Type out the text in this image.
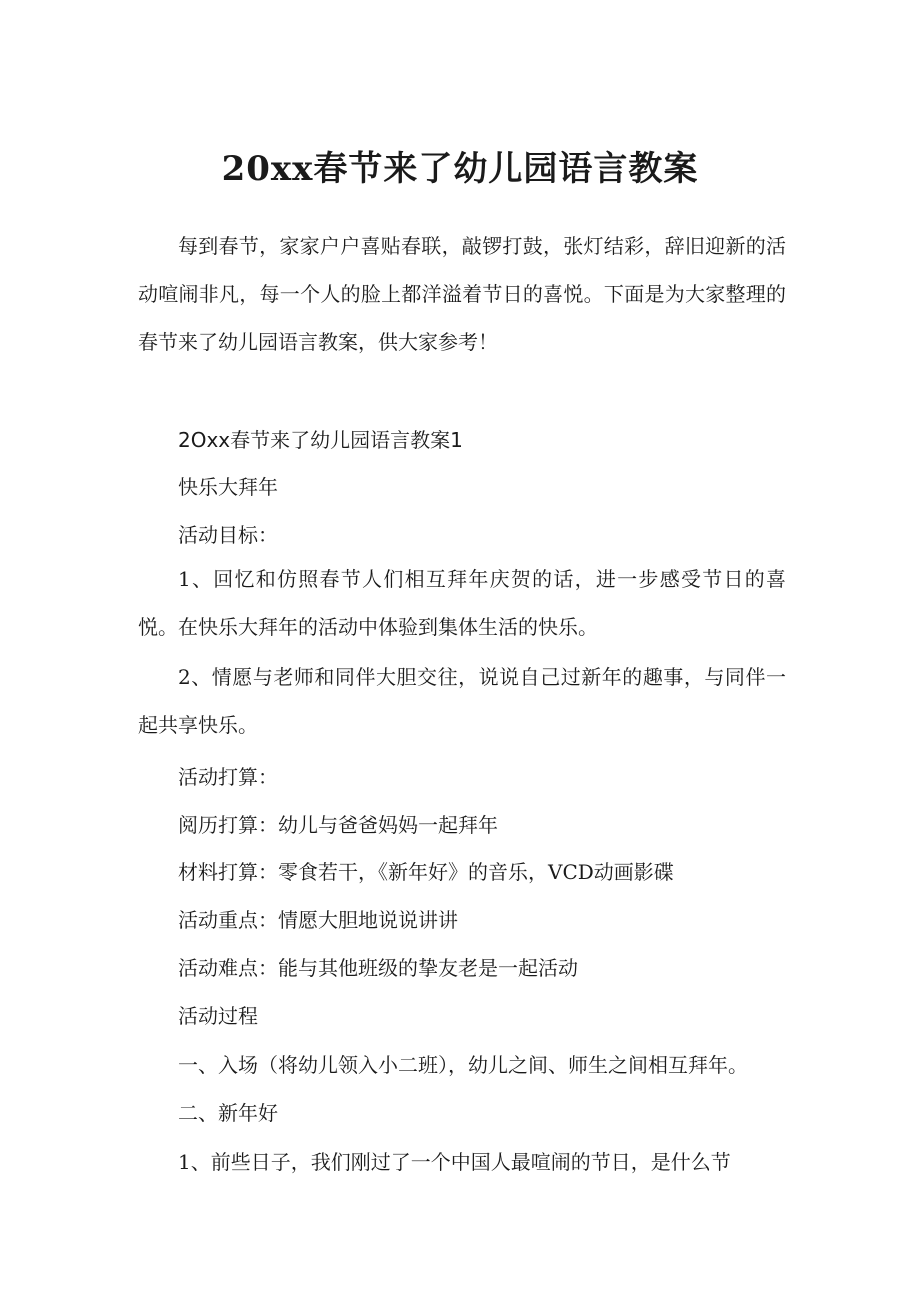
20xx春节来了幼儿园语言教案

每到春节，家家户户喜贴春联，敲锣打鼓，张灯结彩，辞旧迎新的活动喧闹非凡，每一个人的脸上都洋溢着节日的喜悦。下面是为大家整理的春节来了幼儿园语言教案，供大家参考！

2Oxx春节来了幼儿园语言教案1

快乐大拜年

活动目标：

1、回忆和仿照春节人们相互拜年庆贺的话，进一步感受节日的喜悦。在快乐大拜年的活动中体验到集体生活的快乐。

2、情愿与老师和同伴大胆交往，说说自己过新年的趣事，与同伴一起共享快乐。

活动打算：

阅历打算：幼儿与爸爸妈妈一起拜年

材料打算：零食若干，《新年好》的音乐，VCD动画影碟

活动重点：情愿大胆地说说讲讲

活动难点：能与其他班级的挚友老是一起活动

活动过程

一、入场（将幼儿领入小二班），幼儿之间、师生之间相互拜年。

二、新年好

1、前些日子，我们刚过了一个中国人最喧闹的节日，是什么节
